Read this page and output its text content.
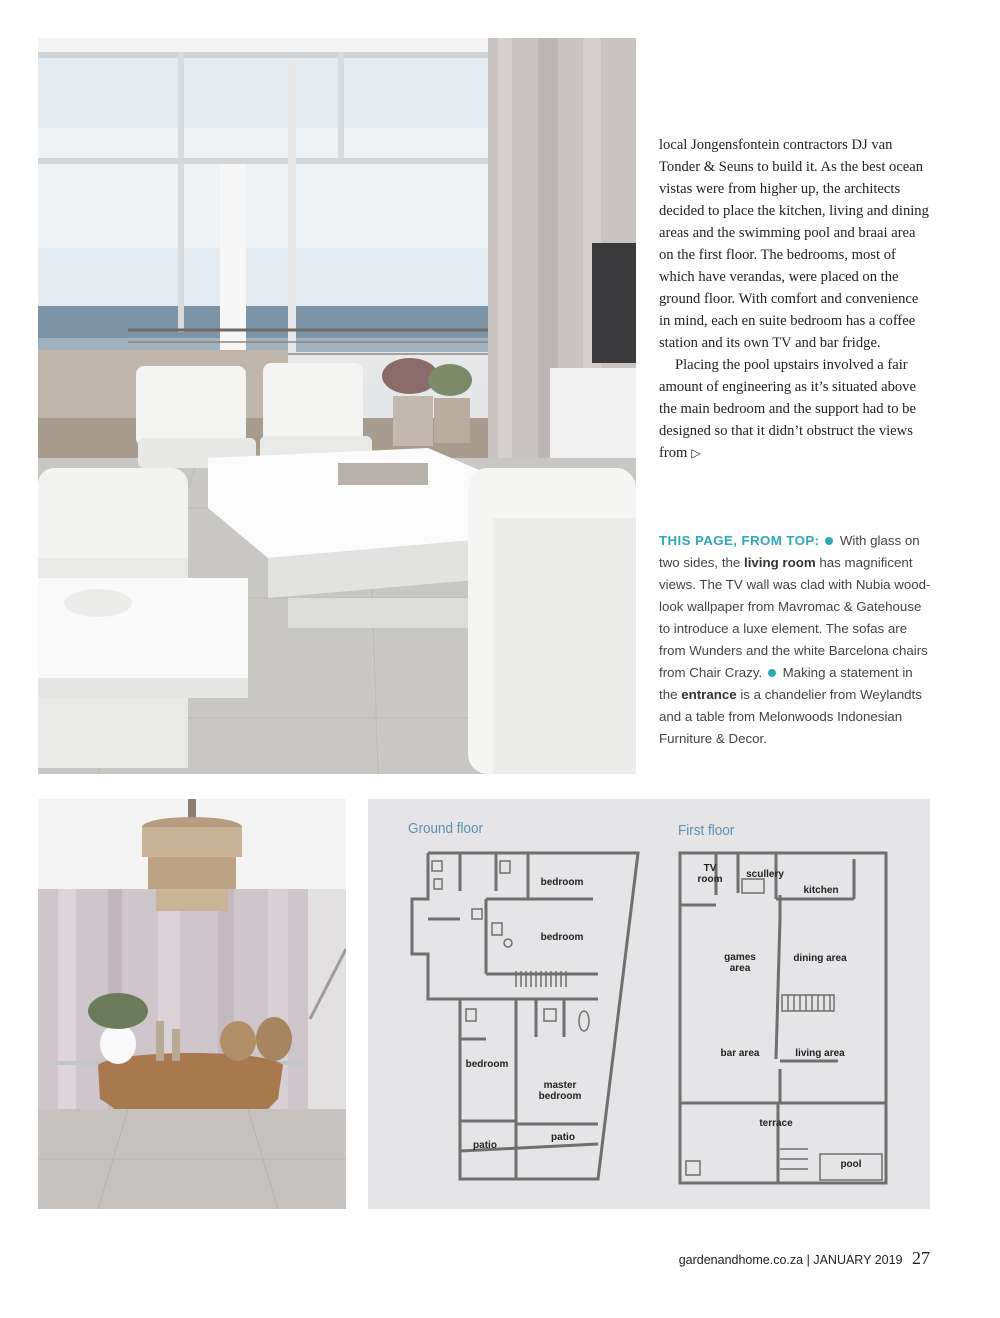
local Jongensfontein contractors DJ van Tonder & Seuns to build it. As the best ocean vistas were from higher up, the architects decided to place the kitchen, living and dining areas and the swimming pool and braai area on the first floor. The bedrooms, most of which have verandas, were placed on the ground floor. With comfort and convenience in mind, each en suite bedroom has a coffee station and its own TV and bar fridge.

Placing the pool upstairs involved a fair amount of engineering as it’s situated above the main bedroom and the support had to be designed so that it didn’t obstruct the views from ▷

THIS PAGE, FROM TOP: With glass on two sides, the living room has magnificent views. The TV wall was clad with Nubia wood-look wallpaper from Mavromac & Gatehouse to introduce a luxe element. The sofas are from Wunders and the white Barcelona chairs from Chair Crazy. Making a statement in the entrance is a chandelier from Weylandts and a table from Melonwoods Indonesian Furniture & Decor.
Ground floor	First floor
bedroom
bedroom
bedroom
master bedroom
patio
patio
TV room	scullery
kitchen
games area
dining area
bar area	living area
terrace
pool
gardenandhome.co.za | JANUARY 2019 27
